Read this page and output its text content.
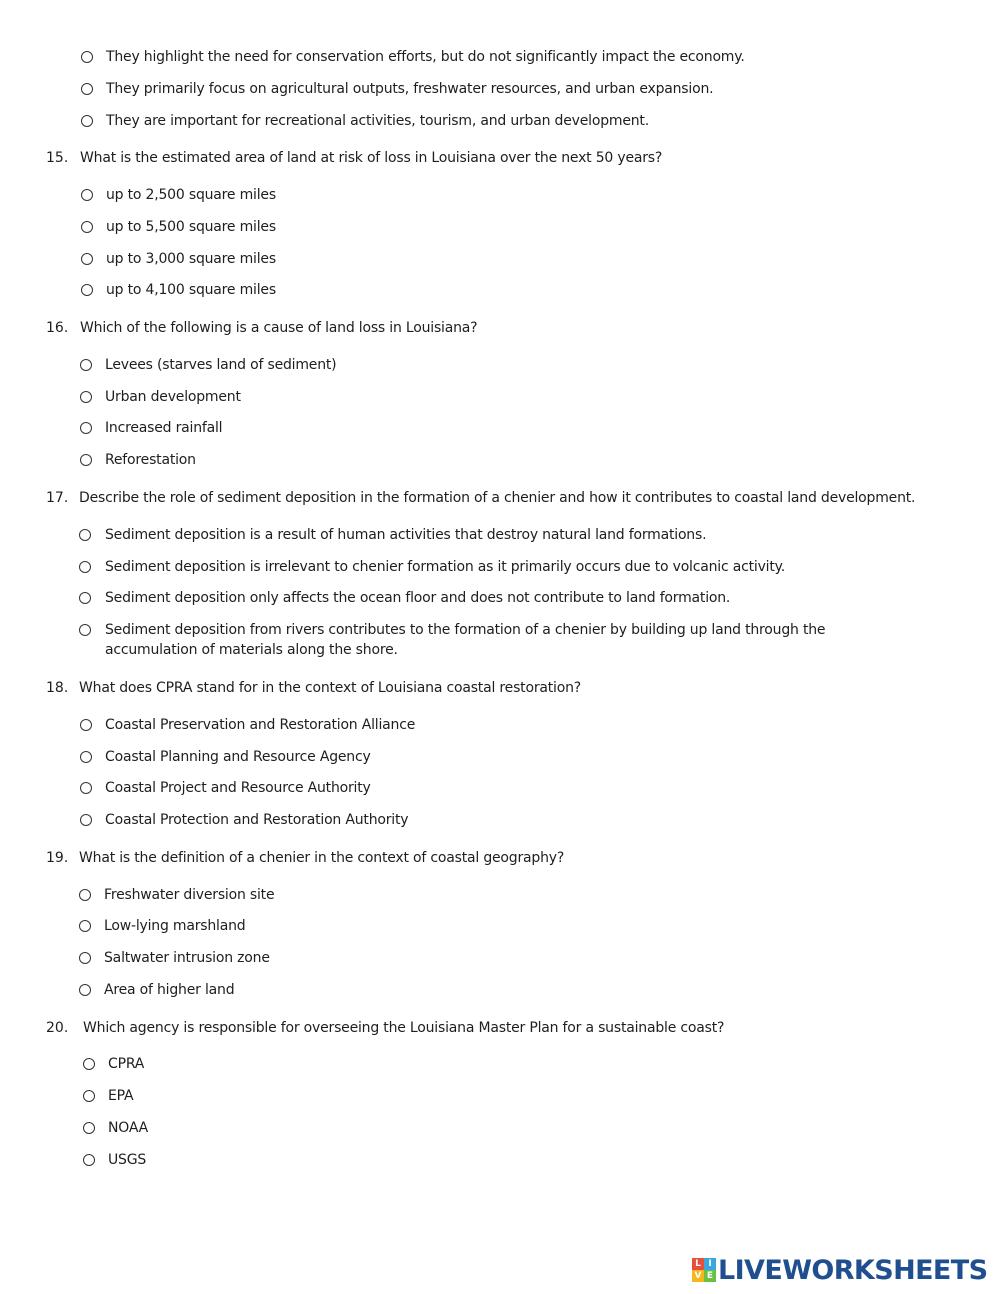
They highlight the need for conservation efforts, but do not significantly impact the economy.
They primarily focus on agricultural outputs, freshwater resources, and urban expansion.
They are important for recreational activities, tourism, and urban development.
15. What is the estimated area of land at risk of loss in Louisiana over the next 50 years?
up to 2,500 square miles
up to 5,500 square miles
up to 3,000 square miles
up to 4,100 square miles
16. Which of the following is a cause of land loss in Louisiana?
Levees (starves land of sediment)
Urban development
Increased rainfall
Reforestation
17. Describe the role of sediment deposition in the formation of a chenier and how it contributes to coastal land development.
Sediment deposition is a result of human activities that destroy natural land formations.
Sediment deposition is irrelevant to chenier formation as it primarily occurs due to volcanic activity.
Sediment deposition only affects the ocean floor and does not contribute to land formation.
Sediment deposition from rivers contributes to the formation of a chenier by building up land through the accumulation of materials along the shore.
18. What does CPRA stand for in the context of Louisiana coastal restoration?
Coastal Preservation and Restoration Alliance
Coastal Planning and Resource Agency
Coastal Project and Resource Authority
Coastal Protection and Restoration Authority
19. What is the definition of a chenier in the context of coastal geography?
Freshwater diversion site
Low-lying marshland
Saltwater intrusion zone
Area of higher land
20. Which agency is responsible for overseeing the Louisiana Master Plan for a sustainable coast?
CPRA
EPA
NOAA
USGS
L I
V E LIVEWORKSHEETS
